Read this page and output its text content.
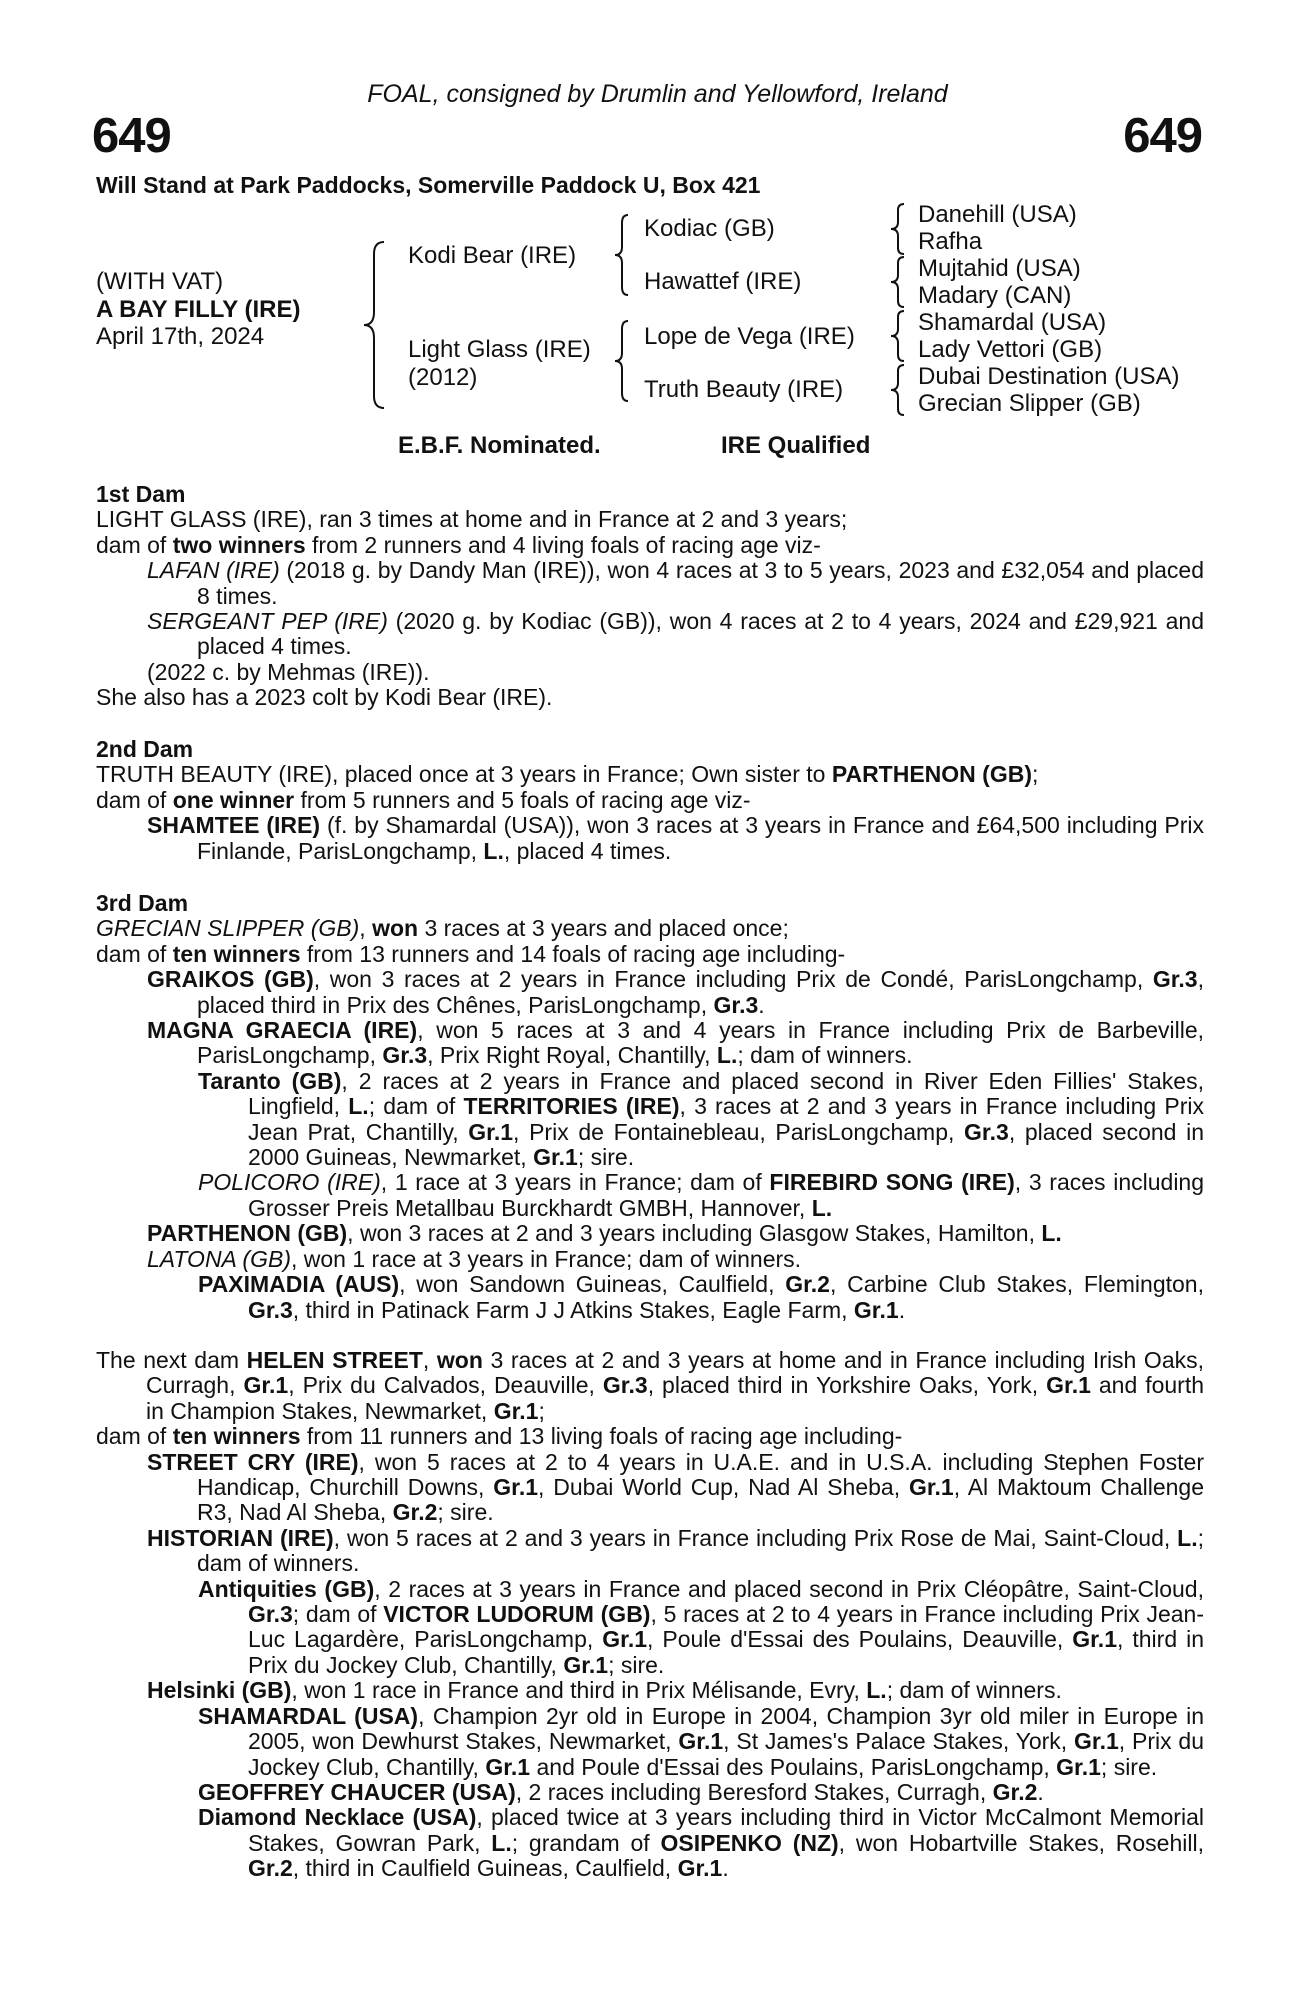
FOAL, consigned by Drumlin and Yellowford, Ireland
649	649
Will Stand at Park Paddocks, Somerville Paddock U, Box 421
(WITH VAT)
A BAY FILLY (IRE)
April 17th, 2024
Kodi Bear (IRE)
Light Glass (IRE)
(2012)
Kodiac (GB)
Hawattef (IRE)
Lope de Vega (IRE)
Truth Beauty (IRE)
Danehill (USA)
Rafha
Mujtahid (USA)
Madary (CAN)
Shamardal (USA)
Lady Vettori (GB)
Dubai Destination (USA)
Grecian Slipper (GB)
E.B.F. Nominated.	IRE Qualified

1st Dam

LIGHT GLASS (IRE), ran 3 times at home and in France at 2 and 3 years;

dam of two winners from 2 runners and 4 living foals of racing age viz-

LAFAN (IRE) (2018 g. by Dandy Man (IRE)), won 4 races at 3 to 5 years, 2023 and £32,054 and placed 8 times.

SERGEANT PEP (IRE) (2020 g. by Kodiac (GB)), won 4 races at 2 to 4 years, 2024 and £29,921 and placed 4 times.

(2022 c. by Mehmas (IRE)).

She also has a 2023 colt by Kodi Bear (IRE).

2nd Dam

TRUTH BEAUTY (IRE), placed once at 3 years in France; Own sister to PARTHENON (GB);

dam of one winner from 5 runners and 5 foals of racing age viz-

SHAMTEE (IRE) (f. by Shamardal (USA)), won 3 races at 3 years in France and £64,500 including Prix Finlande, ParisLongchamp, L., placed 4 times.

3rd Dam

GRECIAN SLIPPER (GB), won 3 races at 3 years and placed once;

dam of ten winners from 13 runners and 14 foals of racing age including-

GRAIKOS (GB), won 3 races at 2 years in France including Prix de Condé, ParisLongchamp, Gr.3, placed third in Prix des Chênes, ParisLongchamp, Gr.3.

MAGNA GRAECIA (IRE), won 5 races at 3 and 4 years in France including Prix de Barbeville, ParisLongchamp, Gr.3, Prix Right Royal, Chantilly, L.; dam of winners.

Taranto (GB), 2 races at 2 years in France and placed second in River Eden Fillies' Stakes, Lingfield, L.; dam of TERRITORIES (IRE), 3 races at 2 and 3 years in France including Prix Jean Prat, Chantilly, Gr.1, Prix de Fontainebleau, ParisLongchamp, Gr.3, placed second in 2000 Guineas, Newmarket, Gr.1; sire.

POLICORO (IRE), 1 race at 3 years in France; dam of FIREBIRD SONG (IRE), 3 races including Grosser Preis Metallbau Burckhardt GMBH, Hannover, L.

PARTHENON (GB), won 3 races at 2 and 3 years including Glasgow Stakes, Hamilton, L.

LATONA (GB), won 1 race at 3 years in France; dam of winners.

PAXIMADIA (AUS), won Sandown Guineas, Caulfield, Gr.2, Carbine Club Stakes, Flemington, Gr.3, third in Patinack Farm J J Atkins Stakes, Eagle Farm, Gr.1.

The next dam HELEN STREET, won 3 races at 2 and 3 years at home and in France including Irish Oaks, Curragh, Gr.1, Prix du Calvados, Deauville, Gr.3, placed third in Yorkshire Oaks, York, Gr.1 and fourth in Champion Stakes, Newmarket, Gr.1;

dam of ten winners from 11 runners and 13 living foals of racing age including-

STREET CRY (IRE), won 5 races at 2 to 4 years in U.A.E. and in U.S.A. including Stephen Foster Handicap, Churchill Downs, Gr.1, Dubai World Cup, Nad Al Sheba, Gr.1, Al Maktoum Challenge R3, Nad Al Sheba, Gr.2; sire.

HISTORIAN (IRE), won 5 races at 2 and 3 years in France including Prix Rose de Mai, Saint-Cloud, L.; dam of winners.

Antiquities (GB), 2 races at 3 years in France and placed second in Prix Cléopâtre, Saint-Cloud, Gr.3; dam of VICTOR LUDORUM (GB), 5 races at 2 to 4 years in France including Prix Jean-Luc Lagardère, ParisLongchamp, Gr.1, Poule d'Essai des Poulains, Deauville, Gr.1, third in Prix du Jockey Club, Chantilly, Gr.1; sire.

Helsinki (GB), won 1 race in France and third in Prix Mélisande, Evry, L.; dam of winners.

SHAMARDAL (USA), Champion 2yr old in Europe in 2004, Champion 3yr old miler in Europe in 2005, won Dewhurst Stakes, Newmarket, Gr.1, St James's Palace Stakes, York, Gr.1, Prix du Jockey Club, Chantilly, Gr.1 and Poule d'Essai des Poulains, ParisLongchamp, Gr.1; sire.

GEOFFREY CHAUCER (USA), 2 races including Beresford Stakes, Curragh, Gr.2.

Diamond Necklace (USA), placed twice at 3 years including third in Victor McCalmont Memorial Stakes, Gowran Park, L.; grandam of OSIPENKO (NZ), won Hobartville Stakes, Rosehill, Gr.2, third in Caulfield Guineas, Caulfield, Gr.1.
